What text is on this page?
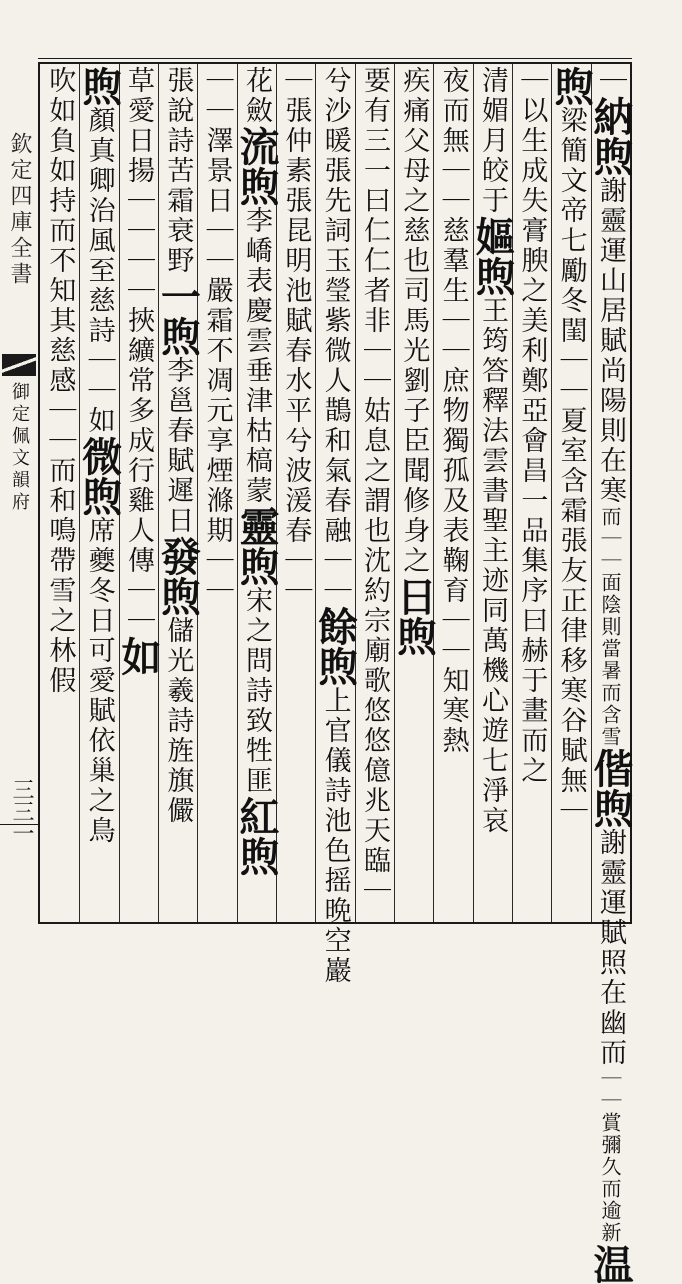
欽定四庫全書
御定佩文韻府
三三一
｜納煦謝靈運山居賦尚陽則在寒而｜｜面陰則當暑而含雪偕煦謝靈運賦照在幽而｜｜賞彌久而逾新温
煦梁簡文帝七勵冬閨｜｜夏室含霜張友正律移寒谷賦無｜
｜以生成失膏腴之美利鄭亞會昌一品集序曰赫于畫而之
清媚月皎于嫗煦王筠答釋法雲書聖主迹同萬機心遊七淨哀
夜而無｜｜慈羣生｜｜庶物獨孤及表鞠育｜｜知寒熱
疾痛父母之慈也司馬光劉子臣聞修身之日煦
要有三一曰仁仁者非｜｜姑息之謂也沈約宗廟歌悠悠億兆天臨｜
兮沙暖張先詞玉瑩紫微人鵲和氣春融｜｜餘煦上官儀詩池色摇晩空巖
｜張仲素張昆明池賦春水平兮波湲春｜｜
花斂流煦李嶠表慶雲垂津枯槁蒙靈煦宋之問詩致牲匪紅煦
｜｜澤景日｜｜嚴霜不凋元享煙滌期｜｜
張說詩苦霜衰野一煦李邕春賦遲日發煦儲光羲詩旌旗儼
草愛日揚｜｜｜｜挾纊常多成行雞人傳｜｜如
煦顏真卿治風至慈詩｜｜如微煦席夔冬日可愛賦依巢之鳥
吹如負如持而不知其慈感｜｜而和鳴帶雪之林假
